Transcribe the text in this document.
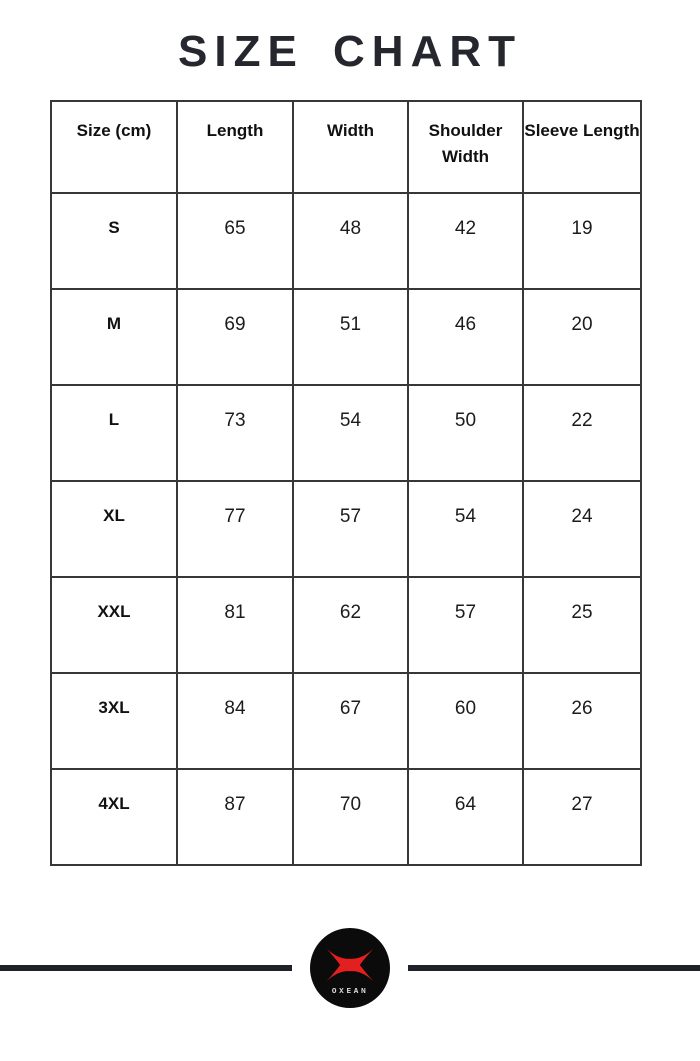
SIZE CHART
Size (cm)	Length	Width	Shoulder Width	Sleeve Length
S	65	48	42	19
M	69	51	46	20
L	73	54	50	22
XL	77	57	54	24
XXL	81	62	57	25
3XL	84	67	60	26
4XL	87	70	64	27
OXEAN
